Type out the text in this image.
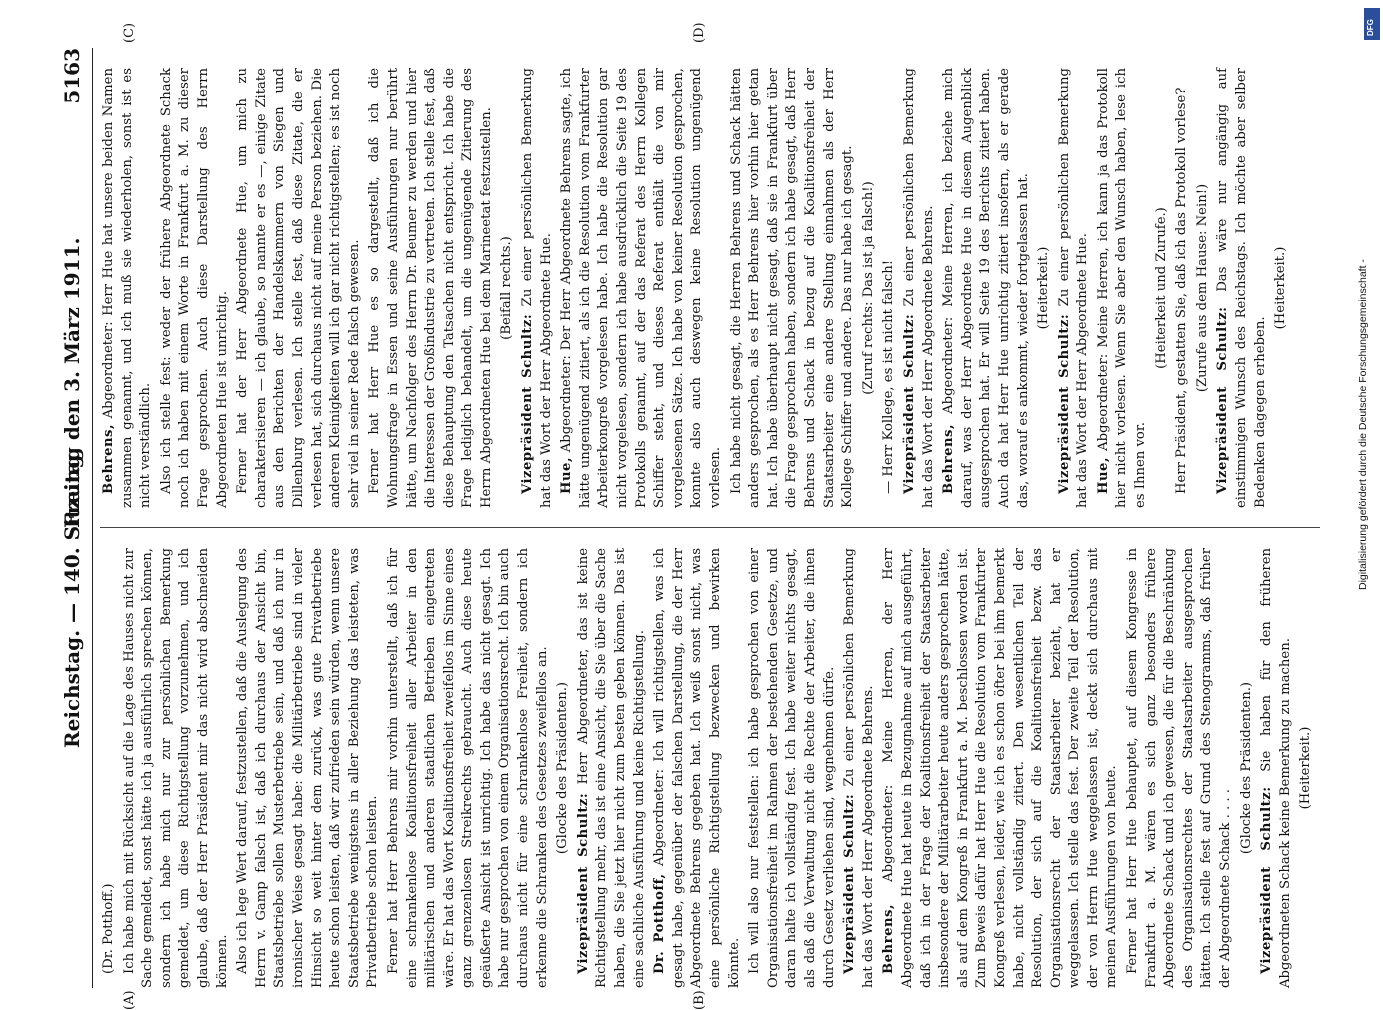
Reichstag. — 140. Sitzung.
Freitag den 3. März 1911.
5163

(Dr. Potthoff.) Ich habe mich mit Rücksicht auf die Lage des Hauses nicht zur Sache gemeldet, sonst hätte ich ja ausführlich sprechen können, sondern ich habe mich nur zur persönlichen Bemerkung gemeldet, um diese Richtigstellung vorzunehmen, und ich glaube, daß der Herr Präsident mir das nicht wird abschneiden können. Also ich lege Wert darauf, festzustellen, daß die Auslegung des Herrn v. Gamp falsch ist, daß ich durchaus der Ansicht bin, Staatsbetriebe sollen Musterbetriebe sein, und daß ich nur in ironischer Weise gesagt habe: die Militärbetriebe sind in vieler Hinsicht so weit hinter dem zurück, was gute Privatbetriebe heute schon leisten, daß wir zufrieden sein würden, wenn unsere Staatsbetriebe wenigstens in aller Beziehung das leisteten, was Privatbetriebe schon leisten. Ferner hat Herr Behrens mir vorhin unterstellt, daß ich für eine schrankenlose Koalitionsfreiheit aller Arbeiter in den militärischen und anderen staatlichen Betrieben eingetreten wäre. Er hat das Wort Koalitionsfreiheit zweifellos im Sinne eines ganz grenzenlosen Streikrechts gebraucht. Auch diese heute geäußerte Ansicht ist unrichtig. Ich habe das nicht gesagt. Ich habe nur gesprochen von einem Organisationsrecht. Ich bin auch durchaus nicht für eine schrankenlose Freiheit, sondern ich erkenne die Schranken des Gesetzes zweifellos an. (Glocke des Präsidenten.)

Vizepräsident Schultz: Herr Abgeordneter, das ist keine Richtigstellung mehr, das ist eine Ansicht, die Sie über die Sache haben, die Sie jetzt hier nicht zum besten geben können. Das ist eine sachliche Ausführung und keine Richtigstellung. Dr. Potthoff, Abgeordneter: Ich will richtigstellen, was ich gesagt habe, gegenüber der falschen Darstellung, die der Herr Abgeordnete Behrens gegeben hat. Ich weiß sonst nicht, was eine persönliche Richtigstellung bezwecken und bewirken könnte. Ich will also nur feststellen: ich habe gesprochen von einer Organisationsfreiheit im Rahmen der bestehenden Gesetze, und daran halte ich vollständig fest. Ich habe weiter nichts gesagt, als daß die Verwaltung nicht die Rechte der Arbeiter, die ihnen durch Gesetz verliehen sind, wegnehmen dürfe. Vizepräsident Schultz: Zu einer persönlichen Bemerkung hat das Wort der Herr Abgeordnete Behrens. Behrens, Abgeordneter: Meine Herren, der Herr Abgeordnete Hue hat heute in Bezugnahme auf mich ausgeführt, daß ich in der Frage der Koalitionsfreiheit der Staatsarbeiter insbesondere der Militärarbeiter heute anders gesprochen hätte, als auf dem Kongreß in Frankfurt a. M. beschlossen worden ist. Zum Beweis dafür hat Herr Hue die Resolution vom Frankfurter Kongreß verlesen, leider, wie ich es schon öfter bei ihm bemerkt habe, nicht vollständig zitiert. Den wesentlichen Teil der Resolution, der sich auf die Koalitionsfreiheit bezw. das Organisationsrecht der Staatsarbeiter bezieht, hat er weggelassen. Ich stelle das fest. Der zweite Teil der Resolution, der von Herrn Hue weggelassen ist, deckt sich durchaus mit meinen Ausführungen von heute. Ferner hat Herr Hue behauptet, auf diesem Kongresse in Frankfurt a. M. wären es sich ganz besonders frühere Abgeordnete Schack und ich gewesen, die für die Beschränkung des Organisationsrechtes der Staatsarbeiter ausgesprochen hätten. Ich stelle fest auf Grund des Stenogramms, daß früher der Abgeordnete Schack . . . .

(Glocke des Präsidenten.)

Vizepräsident Schultz: Sie haben für den früheren Abgeordneten Schack keine Bemerkung zu machen. (Heiterkeit.)

Behrens, Abgeordneter: Herr Hue hat unsere beiden Namen zusammen genannt, und ich muß sie wiederholen, sonst ist es nicht verständlich. Also ich stelle fest: weder der frühere Abgeordnete Schack noch ich haben mit einem Worte in Frankfurt a. M. zu dieser Frage gesprochen. Auch diese Darstellung des Herrn Abgeordneten Hue ist unrichtig. Ferner hat der Herr Abgeordnete Hue, um mich zu charakterisieren — ich glaube, so nannte er es —, einige Zitate aus den Berichten der Handelskammern von Siegen und Dillenburg verlesen. Ich stelle fest, daß diese Zitate, die er verlesen hat, sich durchaus nicht auf meine Person beziehen. Die anderen Kleinigkeiten will ich gar nicht richtigstellen; es ist noch sehr viel in seiner Rede falsch gewesen. Ferner hat Herr Hue es so dargestellt, daß ich die Wohnungsfrage in Essen und seine Ausführungen nur berührt hätte, um Nachfolger des Herrn Dr. Beumer zu werden und hier die Interessen der Großindustrie zu vertreten. Ich stelle fest, daß diese Behauptung den Tatsachen nicht entspricht. Ich habe die Frage lediglich behandelt, um die ungenügende Zitierung des Herrn Abgeordneten Hue bei dem Marineetat festzustellen. (Beifall rechts.)

Vizepräsident Schultz: Zu einer persönlichen Bemerkung hat das Wort der Herr Abgeordnete Hue. Hue, Abgeordneter: Der Herr Abgeordnete Behrens sagte, ich hätte ungenügend zitiert, als ich die Resolution vom Frankfurter Arbeiterkongreß vorgelesen habe. Ich habe die Resolution gar nicht vorgelesen, sondern ich habe ausdrücklich die Seite 19 des Protokolls genannt, auf der das Referat des Herrn Kollegen Schiffer steht, und dieses Referat enthält die von mir vorgelesenen Sätze. Ich habe von keiner Resolution gesprochen, konnte also auch deswegen keine Resolution ungenügend vorlesen. Ich habe nicht gesagt, die Herren Behrens und Schack hätten anders gesprochen, als es Herr Behrens hier vorhin hier getan hat. Ich habe überhaupt nicht gesagt, daß sie in Frankfurt über die Frage gesprochen haben, sondern ich habe gesagt, daß Herr Behrens und Schack in bezug auf die Koalitionsfreiheit der Staatsarbeiter eine andere Stellung einnahmen als der Herr Kollege Schiffer und andere. Das nur habe ich gesagt. (Zuruf rechts: Das ist ja falsch!) — Herr Kollege, es ist nicht falsch! Vizepräsident Schultz: Zu einer persönlichen Bemerkung hat das Wort der Herr Abgeordnete Behrens. Behrens, Abgeordneter: Meine Herren, ich beziehe mich darauf, was der Herr Abgeordnete Hue in diesem Augenblick ausgesprochen hat. Er will Seite 19 des Berichts zitiert haben. Auch da hat Herr Hue unrichtig zitiert insofern, als er gerade das, worauf es ankommt, wieder fortgelassen hat. (Heiterkeit.)

Vizepräsident Schultz: Zu einer persönlichen Bemerkung hat das Wort der Herr Abgeordnete Hue. Hue, Abgeordneter: Meine Herren, ich kann ja das Protokoll hier nicht vorlesen. Wenn Sie aber den Wunsch haben, lese ich es Ihnen vor.

(Heiterkeit und Zurufe.) Herr Präsident, gestatten Sie, daß ich das Protokoll vorlese? (Zurufe aus dem Hause: Nein!)

Vizepräsident Schultz: Das wäre nur angängig auf einstimmigen Wunsch des Reichstags. Ich möchte aber selber Bedenken dagegen erheben.

(Heiterkeit.)

(A)	(B)
(C)	(D)	DFG
Digitalisierung gefördert durch die Deutsche Forschungsgemeinschaft -
